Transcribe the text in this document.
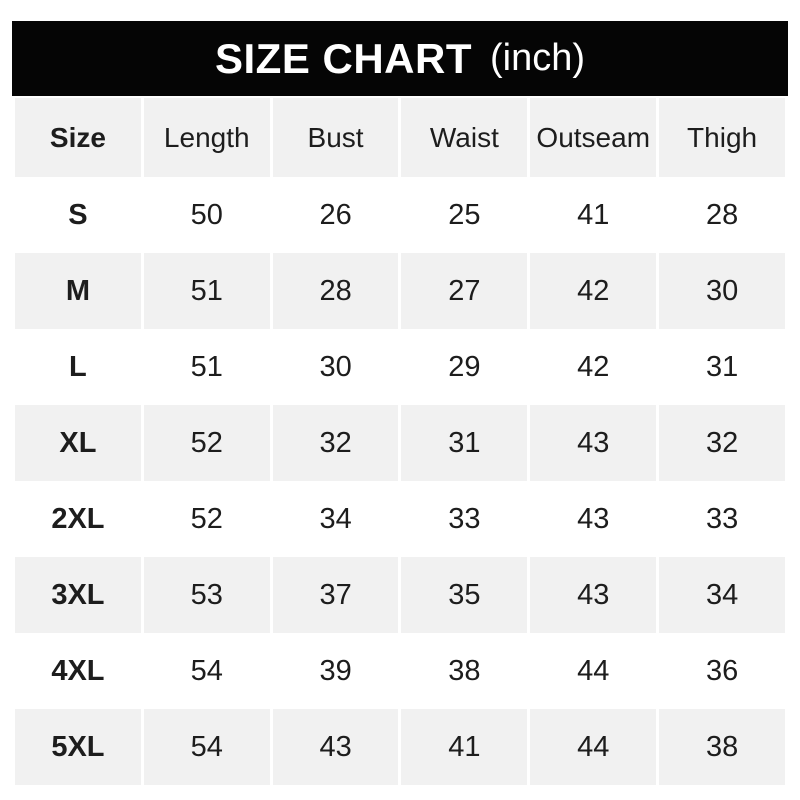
SIZE CHART (inch)
Size	Length	Bust	Waist	Outseam	Thigh
S	50	26	25	41	28
M	51	28	27	42	30
L	51	30	29	42	31
XL	52	32	31	43	32
2XL	52	34	33	43	33
3XL	53	37	35	43	34
4XL	54	39	38	44	36
5XL	54	43	41	44	38
